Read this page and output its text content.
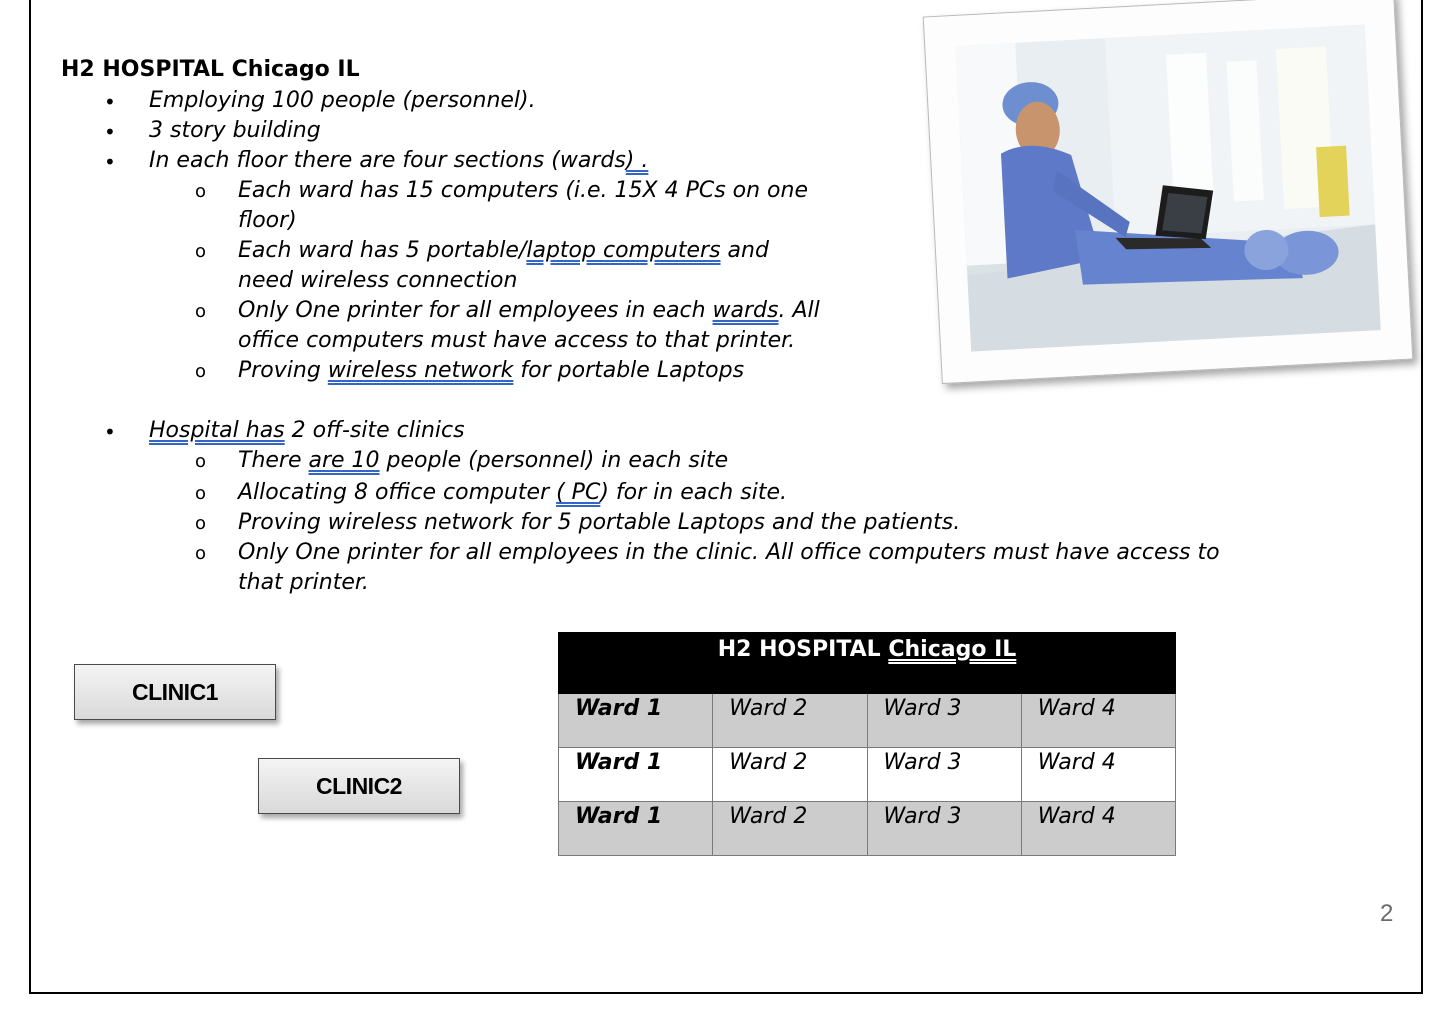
H2 HOSPITAL Chicago IL
• Employing 100 people (personnel).
• 3 story building
• In each floor there are four sections (wards) .
o Each ward has 15 computers (i.e. 15X 4 PCs on one
floor)
o Each ward has 5 portable/laptop computers and
need wireless connection
o Only One printer for all employees in each wards. All
office computers must have access to that printer.
o Proving wireless network for portable Laptops
• Hospital has 2 off-site clinics
o There are 10 people (personnel) in each site
o Allocating 8 office computer ( PC) for in each site.
o Proving wireless network for 5 portable Laptops and the patients.
o Only One printer for all employees in the clinic. All office computers must have access to
that printer.
CLINIC1
CLINIC2
H2 HOSPITAL Chicago IL			
Ward 1	Ward 2	Ward 3	Ward 4
Ward 1	Ward 2	Ward 3	Ward 4
Ward 1	Ward 2	Ward 3	Ward 4
2
